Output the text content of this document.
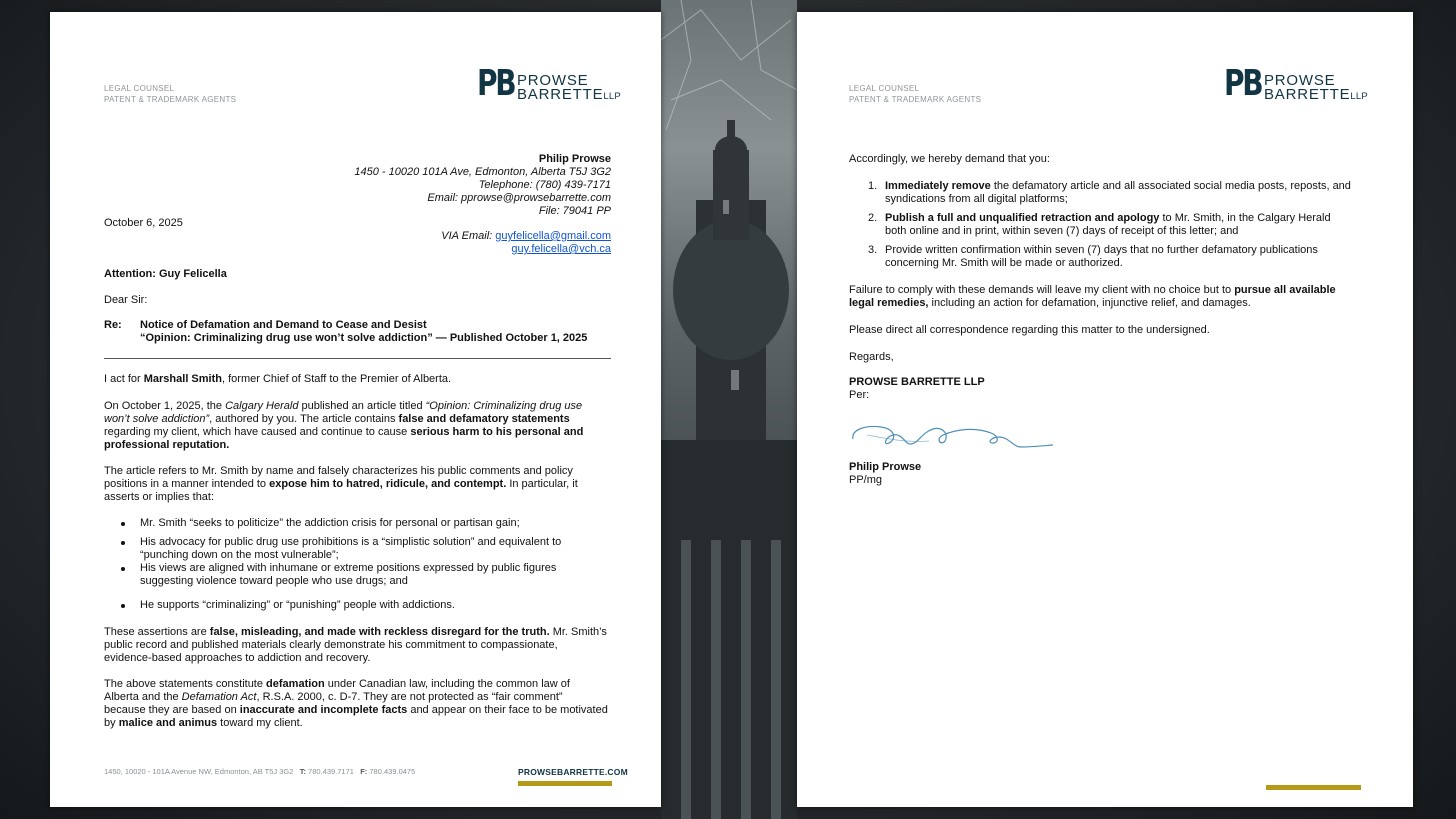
LEGAL COUNSEL
PATENT & TRADEMARK AGENTS	PB PROWSE
BARRETTELLP
Philip Prowse
1450 - 10020 101A Ave, Edmonton, Alberta T5J 3G2
Telephone: (780) 439-7171
Email: pprowse@prowsebarrette.com
File: 79041 PP
October 6, 2025
VIA Email: guyfelicella@gmail.com
guy.felicella@vch.ca
Attention: Guy Felicella
Dear Sir:
Re: Notice of Defamation and Demand to Cease and Desist
“Opinion: Criminalizing drug use won’t solve addiction” — Published October 1, 2025
I act for Marshall Smith, former Chief of Staff to the Premier of Alberta.
On October 1, 2025, the Calgary Herald published an article titled “Opinion: Criminalizing drug use
won’t solve addiction”, authored by you. The article contains false and defamatory statements
regarding my client, which have caused and continue to cause serious harm to his personal and
professional reputation.
The article refers to Mr. Smith by name and falsely characterizes his public comments and policy
positions in a manner intended to expose him to hatred, ridicule, and contempt. In particular, it
asserts or implies that:
Mr. Smith “seeks to politicize” the addiction crisis for personal or partisan gain;
His advocacy for public drug use prohibitions is a “simplistic solution” and equivalent to
“punching down on the most vulnerable”;
His views are aligned with inhumane or extreme positions expressed by public figures
suggesting violence toward people who use drugs; and
He supports “criminalizing” or “punishing” people with addictions.
These assertions are false, misleading, and made with reckless disregard for the truth. Mr. Smith’s
public record and published materials clearly demonstrate his commitment to compassionate,
evidence-based approaches to addiction and recovery.
The above statements constitute defamation under Canadian law, including the common law of
Alberta and the Defamation Act, R.S.A. 2000, c. D-7. They are not protected as “fair comment”
because they are based on inaccurate and incomplete facts and appear on their face to be motivated
by malice and animus toward my client.
1450, 10020 - 101A Avenue NW, Edmonton, AB T5J 3G2 T: 780.439.7171 F: 780.439.0475	PROWSEBARRETTE.COM
LEGAL COUNSEL
PATENT & TRADEMARK AGENTS	PB PROWSE
BARRETTELLP
Accordingly, we hereby demand that you:
1. Immediately remove the defamatory article and all associated social media posts, reposts, and
syndications from all digital platforms;
2. Publish a full and unqualified retraction and apology to Mr. Smith, in the Calgary Herald
both online and in print, within seven (7) days of receipt of this letter; and
3. Provide written confirmation within seven (7) days that no further defamatory publications
concerning Mr. Smith will be made or authorized.
Failure to comply with these demands will leave my client with no choice but to pursue all available
legal remedies, including an action for defamation, injunctive relief, and damages.
Please direct all correspondence regarding this matter to the undersigned.
Regards,
PROWSE BARRETTE LLP
Per:
Philip Prowse
PP/mg
